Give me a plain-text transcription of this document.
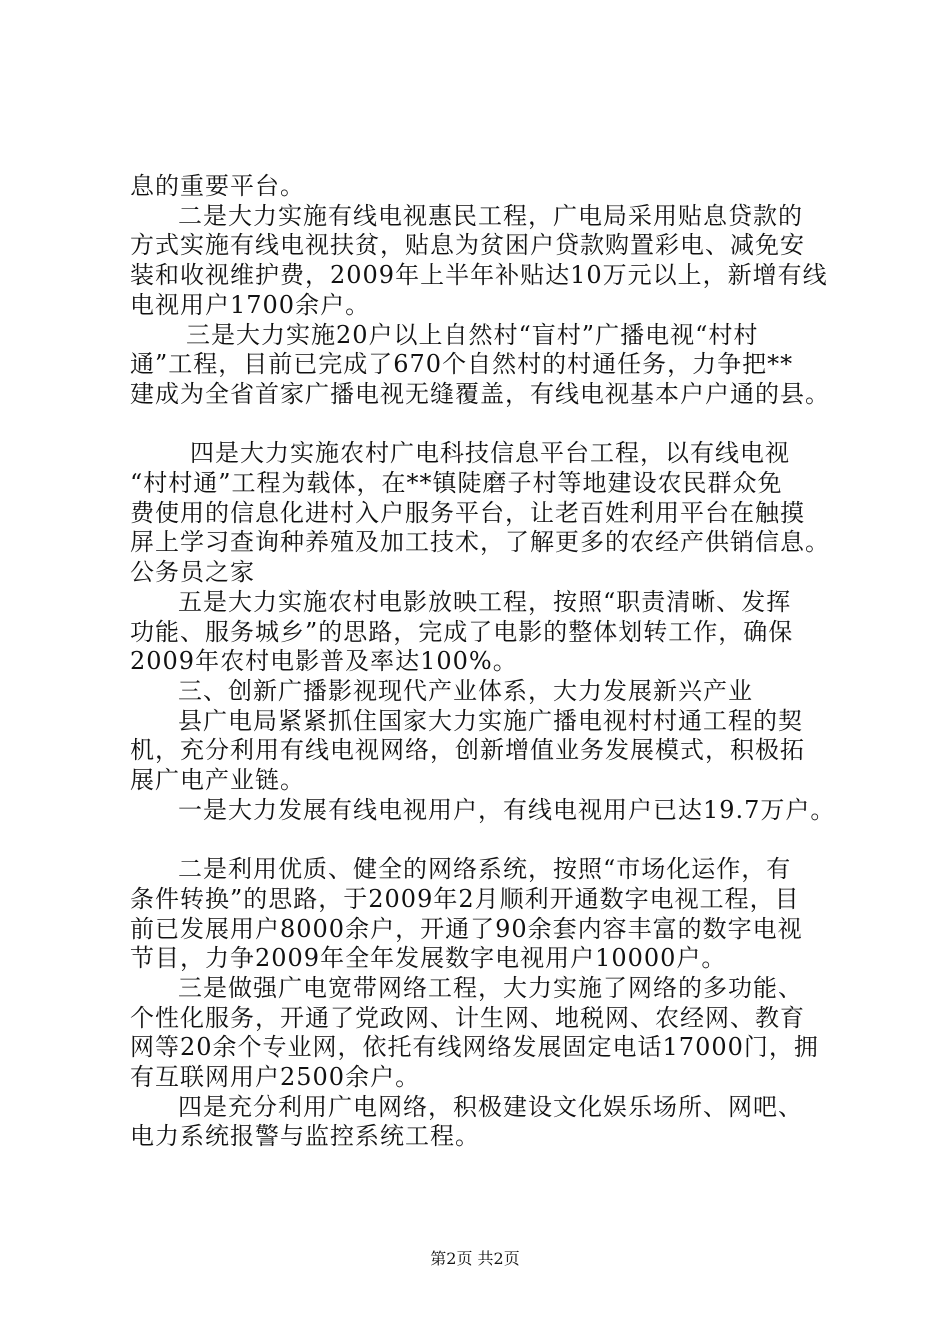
息的重要平台。

二是大力实施有线电视惠民工程，广电局采用贴息贷款的

方式实施有线电视扶贫，贴息为贫困户贷款购置彩电、减免安

装和收视维护费，2009年上半年补贴达10万元以上，新增有线

电视用户1700余户。

三是大力实施20户以上自然村“盲村”广播电视“村村

通”工程，目前已完成了670个自然村的村通任务，力争把**

建成为全省首家广播电视无缝覆盖，有线电视基本户户通的县。

四是大力实施农村广电科技信息平台工程，以有线电视

“村村通”工程为载体，在**镇陡磨子村等地建设农民群众免

费使用的信息化进村入户服务平台，让老百姓利用平台在触摸

屏上学习查询种养殖及加工技术，了解更多的农经产供销信息。

公务员之家

五是大力实施农村电影放映工程，按照“职责清晰、发挥

功能、服务城乡”的思路，完成了电影的整体划转工作，确保

2009年农村电影普及率达100%。

三、创新广播影视现代产业体系，大力发展新兴产业

县广电局紧紧抓住国家大力实施广播电视村村通工程的契

机，充分利用有线电视网络，创新增值业务发展模式，积极拓

展广电产业链。

一是大力发展有线电视用户，有线电视用户已达19.7万户。

二是利用优质、健全的网络系统，按照“市场化运作，有

条件转换”的思路，于2009年2月顺利开通数字电视工程，目

前已发展用户8000余户，开通了90余套内容丰富的数字电视

节目，力争2009年全年发展数字电视用户10000户。

三是做强广电宽带网络工程，大力实施了网络的多功能、

个性化服务，开通了党政网、计生网、地税网、农经网、教育

网等20余个专业网，依托有线网络发展固定电话17000门，拥

有互联网用户2500余户。

四是充分利用广电网络，积极建设文化娱乐场所、网吧、

电力系统报警与监控系统工程。

第2页 共2页
